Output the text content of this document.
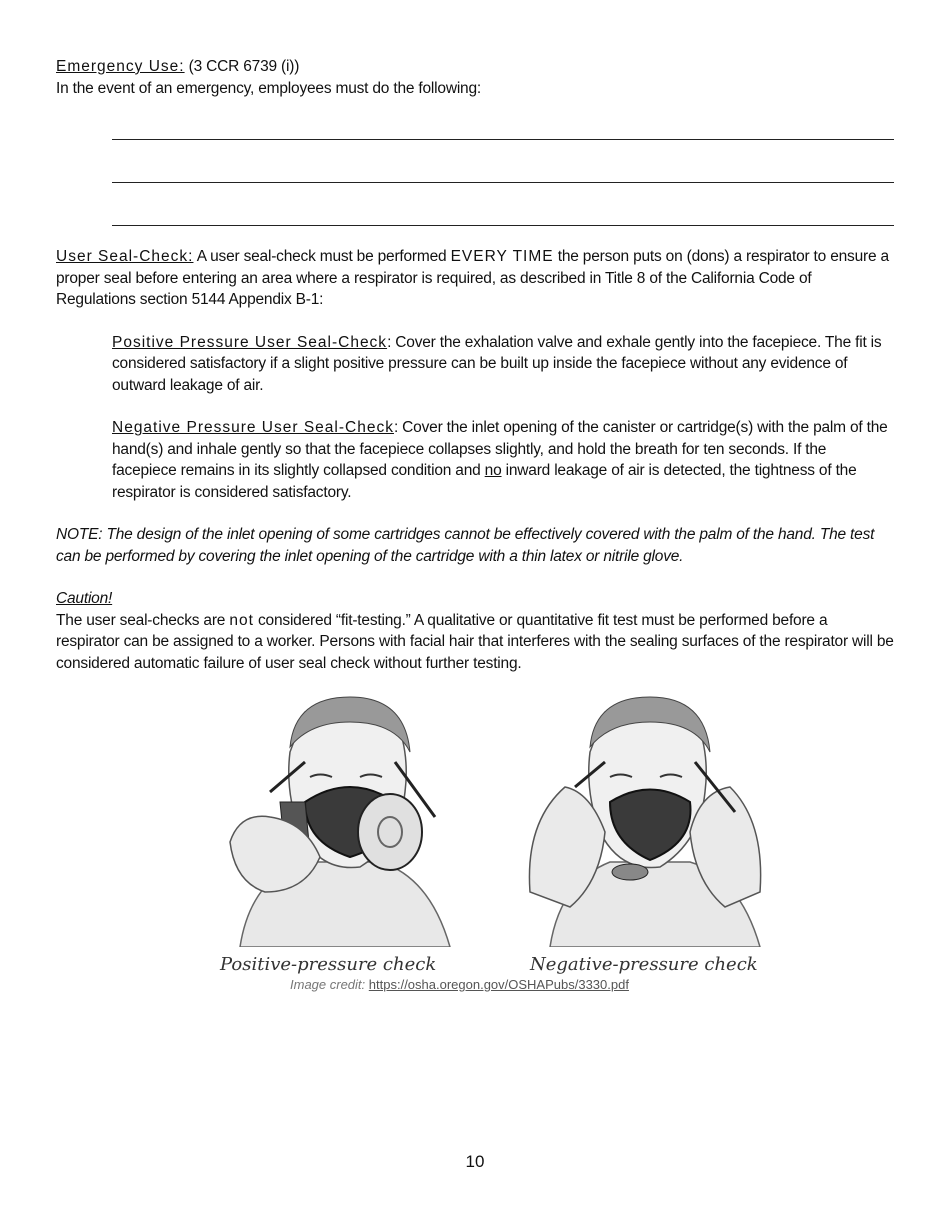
Emergency Use: (3 CCR 6739 (i))
In the event of an emergency, employees must do the following:

User Seal-Check: A user seal-check must be performed EVERY TIME the person puts on (dons) a respirator to ensure a proper seal before entering an area where a respirator is required, as described in Title 8 of the California Code of Regulations section 5144 Appendix B-1:

Positive Pressure User Seal-Check: Cover the exhalation valve and exhale gently into the facepiece. The fit is considered satisfactory if a slight positive pressure can be built up inside the facepiece without any evidence of outward leakage of air.

Negative Pressure User Seal-Check: Cover the inlet opening of the canister or cartridge(s) with the palm of the hand(s) and inhale gently so that the facepiece collapses slightly, and hold the breath for ten seconds. If the facepiece remains in its slightly collapsed condition and no inward leakage of air is detected, the tightness of the respirator is considered satisfactory.

NOTE: The design of the inlet opening of some cartridges cannot be effectively covered with the palm of the hand. The test can be performed by covering the inlet opening of the cartridge with a thin latex or nitrile glove.

Caution!
The user seal-checks are not considered “fit-testing.” A qualitative or quantitative fit test must be performed before a respirator can be assigned to a worker. Persons with facial hair that interferes with the sealing surfaces of the respirator will be considered automatic failure of user seal check without further testing.

Positive-pressure check	Negative-pressure check
Image credit: https://osha.oregon.gov/OSHAPubs/3330.pdf
10
